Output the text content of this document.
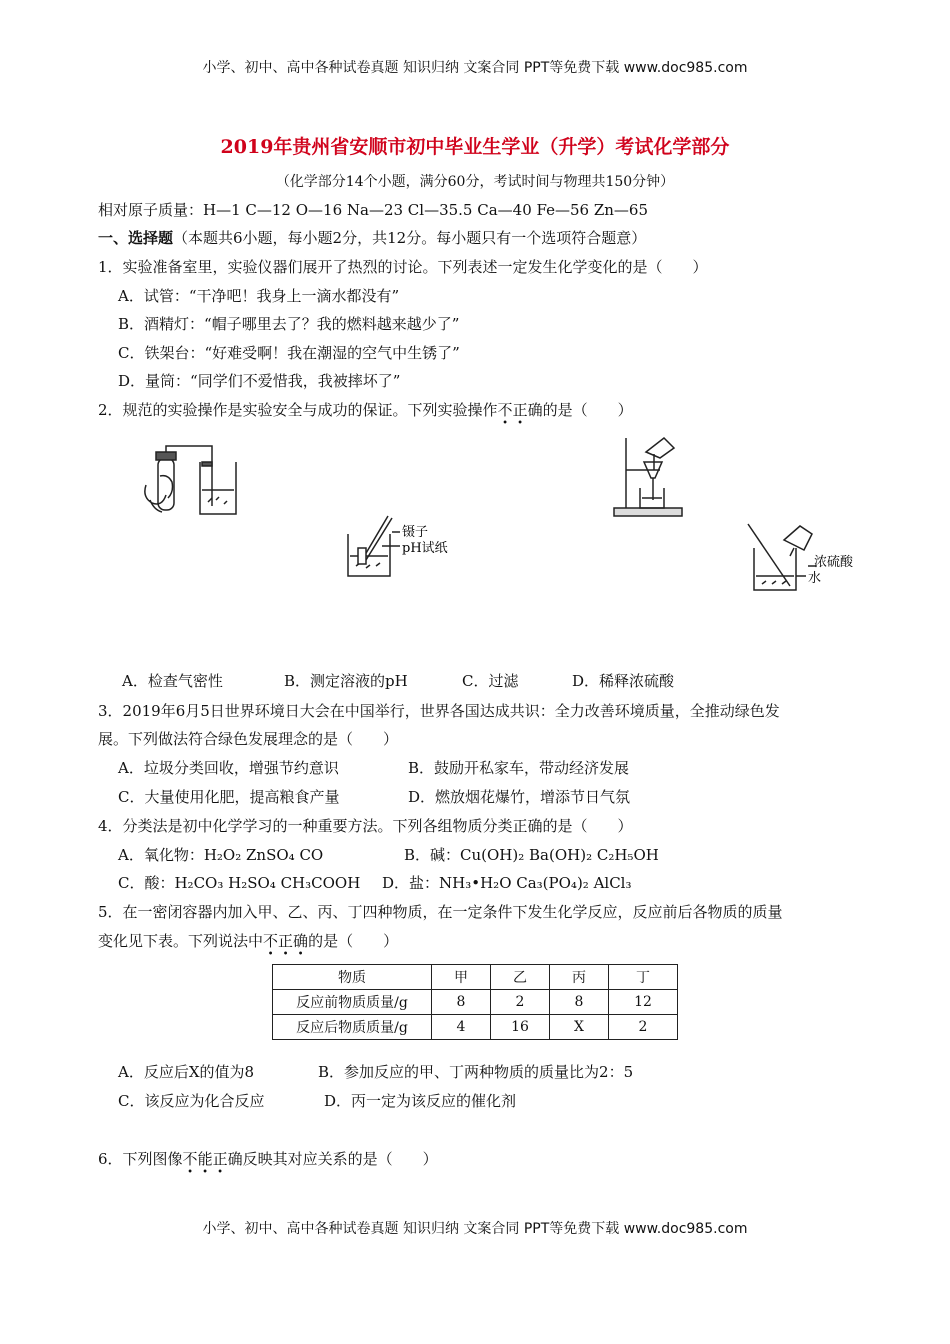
小学、初中、高中各种试卷真题 知识归纳 文案合同 PPT等免费下载 www.doc985.com
2019年贵州省安顺市初中毕业生学业（升学）考试化学部分
（化学部分14个小题，满分60分，考试时间与物理共150分钟）
相对原子质量：H—1 C—12 O—16 Na—23 Cl—35.5 Ca—40 Fe—56 Zn—65
一、选择题（本题共6小题，每小题2分，共12分。每小题只有一个选项符合题意）
1．实验准备室里，实验仪器们展开了热烈的讨论。下列表述一定发生化学变化的是（　　）
A．试管：“干净吧！我身上一滴水都没有”
B．酒精灯：“帽子哪里去了？我的燃料越来越少了”
C．铁架台：“好难受啊！我在潮湿的空气中生锈了”
D．量筒：“同学们不爱惜我，我被摔坏了”
2．规范的实验操作是实验安全与成功的保证。下列实验操作不正确的是（　　）
镊子
pH试纸
浓硫酸
水
A．检查气密性	B．测定溶液的pH	C．过滤	D．稀释浓硫酸
3．2019年6月5日世界环境日大会在中国举行，世界各国达成共识：全力改善环境质量，全推动绿色发
展。下列做法符合绿色发展理念的是（　　）
A．垃圾分类回收，增强节约意识	B．鼓励开私家车，带动经济发展
C．大量使用化肥，提高粮食产量	D．燃放烟花爆竹，增添节日气氛
4．分类法是初中化学学习的一种重要方法。下列各组物质分类正确的是（　　）
A．氧化物：H₂O₂ ZnSO₄ CO	B．碱：Cu(OH)₂ Ba(OH)₂ C₂H₅OH
C．酸：H₂CO₃ H₂SO₄ CH₃COOH D．盐：NH₃•H₂O Ca₃(PO₄)₂ AlCl₃
5．在一密闭容器内加入甲、乙、丙、丁四种物质，在一定条件下发生化学反应，反应前后各物质的质量
变化见下表。下列说法中不正确的是（　　）
物质	甲	乙	丙	丁
反应前物质质量/g	8	2	8	12
反应后物质质量/g	4	16	X	2
A．反应后X的值为8	B．参加反应的甲、丁两种物质的质量比为2：5
C．该反应为化合反应	D．丙一定为该反应的催化剂
6．下列图像不能正确反映其对应关系的是（　　）
小学、初中、高中各种试卷真题 知识归纳 文案合同 PPT等免费下载 www.doc985.com
